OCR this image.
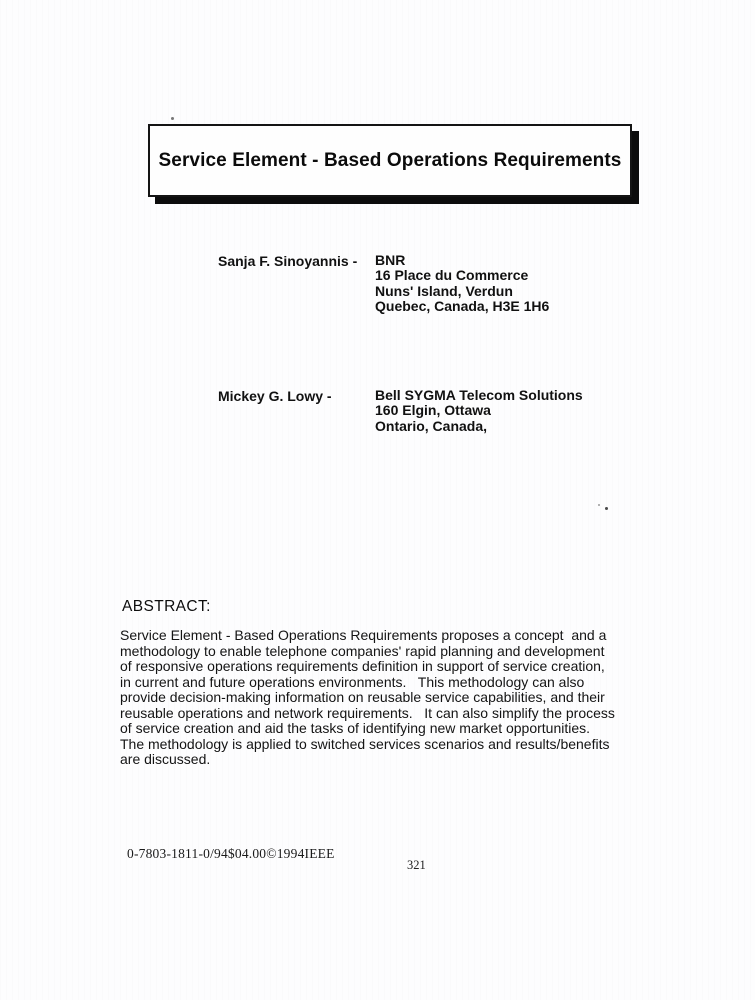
Service Element - Based Operations Requirements
Sanja F. Sinoyannis - BNR
16 Place du Commerce
Nuns' Island, Verdun
Quebec, Canada, H3E 1H6
Mickey G. Lowy -	Bell SYGMA Telecom Solutions
160 Elgin, Ottawa
Ontario, Canada,
ABSTRACT:
Service Element - Based Operations Requirements proposes a concept  and a
methodology to enable telephone companies' rapid planning and development
of responsive operations requirements definition in support of service creation,
in current and future operations environments.   This methodology can also
provide decision-making information on reusable service capabilities, and their
reusable operations and network requirements.   It can also simplify the process
of service creation and aid the tasks of identifying new market opportunities.
The methodology is applied to switched services scenarios and results/benefits
are discussed.
0-7803-1811-0/94$04.00©1994IEEE
321
